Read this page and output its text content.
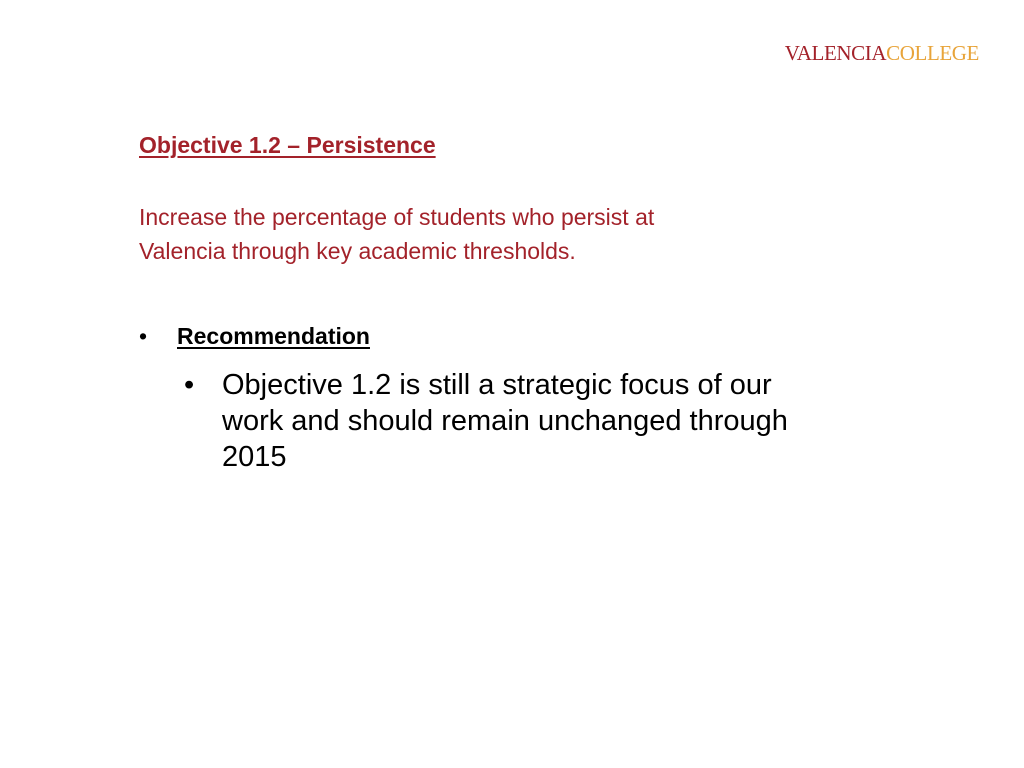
VALENCIACOLLEGE
Objective 1.2 – Persistence
Increase the percentage of students who persist at
Valencia through key academic thresholds.
• Recommendation
• Objective 1.2 is still a strategic focus of our
work and should remain unchanged through
2015
